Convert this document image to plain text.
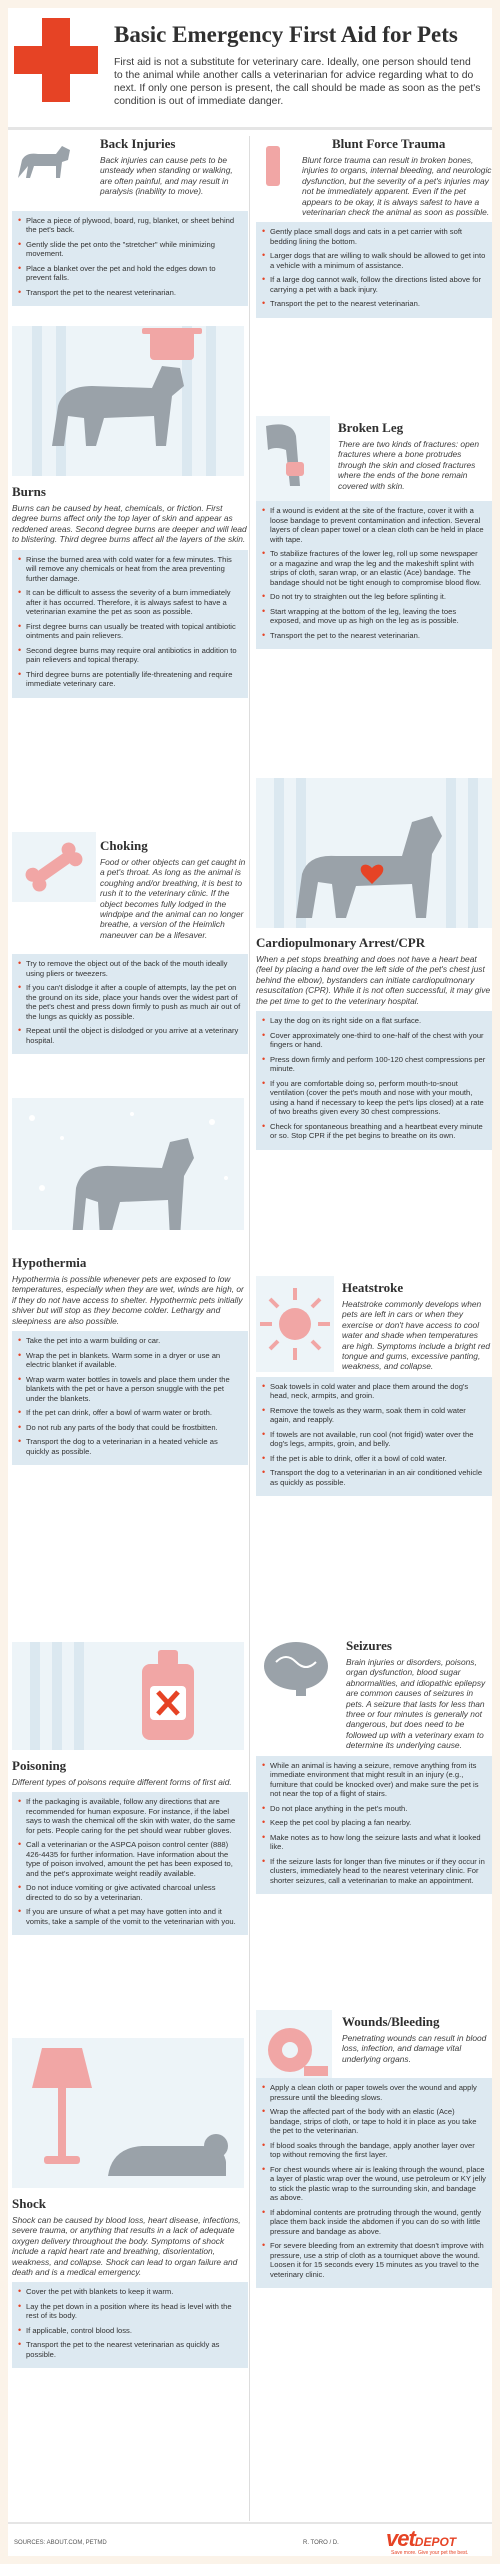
Basic Emergency First Aid for Pets
First aid is not a substitute for veterinary care. Ideally, one person should tend to the animal while another calls a veterinarian for advice regarding what to do next. If only one person is present, the call should be made as soon as the pet's condition is out of immediate danger.
Back Injuries

Back injuries can cause pets to be unsteady when standing or walking, are often painful, and may result in paralysis (inability to move).

• Place a piece of plywood, board, rug, blanket, or sheet behind the pet's back.
• Gently slide the pet onto the "stretcher" while minimizing movement.
• Place a blanket over the pet and hold the edges down to prevent falls.
• Transport the pet to the nearest veterinarian.
Burns

Burns can be caused by heat, chemicals, or friction. First degree burns affect only the top layer of skin and appear as reddened areas. Second degree burns are deeper and will lead to blistering. Third degree burns affect all the layers of the skin.

• Rinse the burned area with cold water for a few minutes. This will remove any chemicals or heat from the area preventing further damage.
• It can be difficult to assess the severity of a burn immediately after it has occurred. Therefore, it is always safest to have a veterinarian examine the pet as soon as possible.
• First degree burns can usually be treated with topical antibiotic ointments and pain relievers.
• Second degree burns may require oral antibiotics in addition to pain relievers and topical therapy.
• Third degree burns are potentially life-threatening and require immediate veterinary care.
Choking

Food or other objects can get caught in a pet's throat. As long as the animal is coughing and/or breathing, it is best to rush it to the veterinary clinic. If the object becomes fully lodged in the windpipe and the animal can no longer breathe, a version of the Heimlich maneuver can be a lifesaver.

• Try to remove the object out of the back of the mouth ideally using pliers or tweezers.
• If you can't dislodge it after a couple of attempts, lay the pet on the ground on its side, place your hands over the widest part of the pet's chest and press down firmly to push as much air out of the lungs as quickly as possible.
• Repeat until the object is dislodged or you arrive at a veterinary hospital.
Hypothermia

Hypothermia is possible whenever pets are exposed to low temperatures, especially when they are wet, winds are high, or if they do not have access to shelter. Hypothermic pets initially shiver but will stop as they become colder. Lethargy and sleepiness are also possible.

• Take the pet into a warm building or car.
• Wrap the pet in blankets. Warm some in a dryer or use an electric blanket if available.
• Wrap warm water bottles in towels and place them under the blankets with the pet or have a person snuggle with the pet under the blankets.
• If the pet can drink, offer a bowl of warm water or broth.
• Do not rub any parts of the body that could be frostbitten.
• Transport the dog to a veterinarian in a heated vehicle as quickly as possible.
Poisoning

Different types of poisons require different forms of first aid.

• If the packaging is available, follow any directions that are recommended for human exposure. For instance, if the label says to wash the chemical off the skin with water, do the same for pets. People caring for the pet should wear rubber gloves.
• Call a veterinarian or the ASPCA poison control center (888) 426-4435 for further information. Have information about the type of poison involved, amount the pet has been exposed to, and the pet's approximate weight readily available.
• Do not induce vomiting or give activated charcoal unless directed to do so by a veterinarian.
• If you are unsure of what a pet may have gotten into and it vomits, take a sample of the vomit to the veterinarian with you.
Shock

Shock can be caused by blood loss, heart disease, infections, severe trauma, or anything that results in a lack of adequate oxygen delivery throughout the body. Symptoms of shock include a rapid heart rate and breathing, disorientation, weakness, and collapse. Shock can lead to organ failure and death and is a medical emergency.

• Cover the pet with blankets to keep it warm.
• Lay the pet down in a position where its head is level with the rest of its body.
• If applicable, control blood loss.
• Transport the pet to the nearest veterinarian as quickly as possible.
Blunt Force Trauma

Blunt force trauma can result in broken bones, injuries to organs, internal bleeding, and neurologic dysfunction, but the severity of a pet's injuries may not be immediately apparent. Even if the pet appears to be okay, it is always safest to have a veterinarian check the animal as soon as possible.

• Gently place small dogs and cats in a pet carrier with soft bedding lining the bottom.
• Larger dogs that are willing to walk should be allowed to get into a vehicle with a minimum of assistance.
• If a large dog cannot walk, follow the directions listed above for carrying a pet with a back injury.
• Transport the pet to the nearest veterinarian.
Broken Leg

There are two kinds of fractures: open fractures where a bone protrudes through the skin and closed fractures where the ends of the bone remain covered with skin.

• If a wound is evident at the site of the fracture, cover it with a loose bandage to prevent contamination and infection. Several layers of clean paper towel or a clean cloth can be held in place with tape.
• To stabilize fractures of the lower leg, roll up some newspaper or a magazine and wrap the leg and the makeshift splint with strips of cloth, saran wrap, or an elastic (Ace) bandage. The bandage should not be tight enough to compromise blood flow.
• Do not try to straighten out the leg before splinting it.
• Start wrapping at the bottom of the leg, leaving the toes exposed, and move up as high on the leg as is possible.
• Transport the pet to the nearest veterinarian.
Cardiopulmonary Arrest/CPR

When a pet stops breathing and does not have a heart beat (feel by placing a hand over the left side of the pet's chest just behind the elbow), bystanders can initiate cardiopulmonary resuscitation (CPR). While it is not often successful, it may give the pet time to get to the veterinary hospital.

• Lay the dog on its right side on a flat surface.
• Cover approximately one-third to one-half of the chest with your fingers or hand.
• Press down firmly and perform 100-120 chest compressions per minute.
• If you are comfortable doing so, perform mouth-to-snout ventilation (cover the pet's mouth and nose with your mouth, using a hand if necessary to keep the pet's lips closed) at a rate of two breaths given every 30 chest compressions.
• Check for spontaneous breathing and a heartbeat every minute or so. Stop CPR if the pet begins to breathe on its own.
Heatstroke

Heatstroke commonly develops when pets are left in cars or when they exercise or don't have access to cool water and shade when temperatures are high. Symptoms include a bright red tongue and gums, excessive panting, weakness, and collapse.

• Soak towels in cold water and place them around the dog's head, neck, armpits, and groin.
• Remove the towels as they warm, soak them in cold water again, and reapply.
• If towels are not available, run cool (not frigid) water over the dog's legs, armpits, groin, and belly.
• If the pet is able to drink, offer it a bowl of cold water.
• Transport the dog to a veterinarian in an air conditioned vehicle as quickly as possible.
Seizures

Brain injuries or disorders, poisons, organ dysfunction, blood sugar abnormalities, and idiopathic epilepsy are common causes of seizures in pets. A seizure that lasts for less than three or four minutes is generally not dangerous, but does need to be followed up with a veterinary exam to determine its underlying cause.

• While an animal is having a seizure, remove anything from its immediate environment that might result in an injury (e.g., furniture that could be knocked over) and make sure the pet is not near the top of a flight of stairs.
• Do not place anything in the pet's mouth.
• Keep the pet cool by placing a fan nearby.
• Make notes as to how long the seizure lasts and what it looked like.
• If the seizure lasts for longer than five minutes or if they occur in clusters, immediately head to the nearest veterinary clinic. For shorter seizures, call a veterinarian to make an appointment.
Wounds/Bleeding

Penetrating wounds can result in blood loss, infection, and damage vital underlying organs.

• Apply a clean cloth or paper towels over the wound and apply pressure until the bleeding slows.
• Wrap the affected part of the body with an elastic (Ace) bandage, strips of cloth, or tape to hold it in place as you take the pet to the veterinarian.
• If blood soaks through the bandage, apply another layer over top without removing the first layer.
• For chest wounds where air is leaking through the wound, place a layer of plastic wrap over the wound, use petroleum or KY jelly to stick the plastic wrap to the surrounding skin, and bandage as above.
• If abdominal contents are protruding through the wound, gently place them back inside the abdomen if you can do so with little pressure and bandage as above.
• For severe bleeding from an extremity that doesn't improve with pressure, use a strip of cloth as a tourniquet above the wound. Loosen it for 15 seconds every 15 minutes as you travel to the veterinary clinic.
SOURCES: ABOUT.COM, PETMD	R. TORO / D. vetDEPOT
Save more. Give your pet the best.
